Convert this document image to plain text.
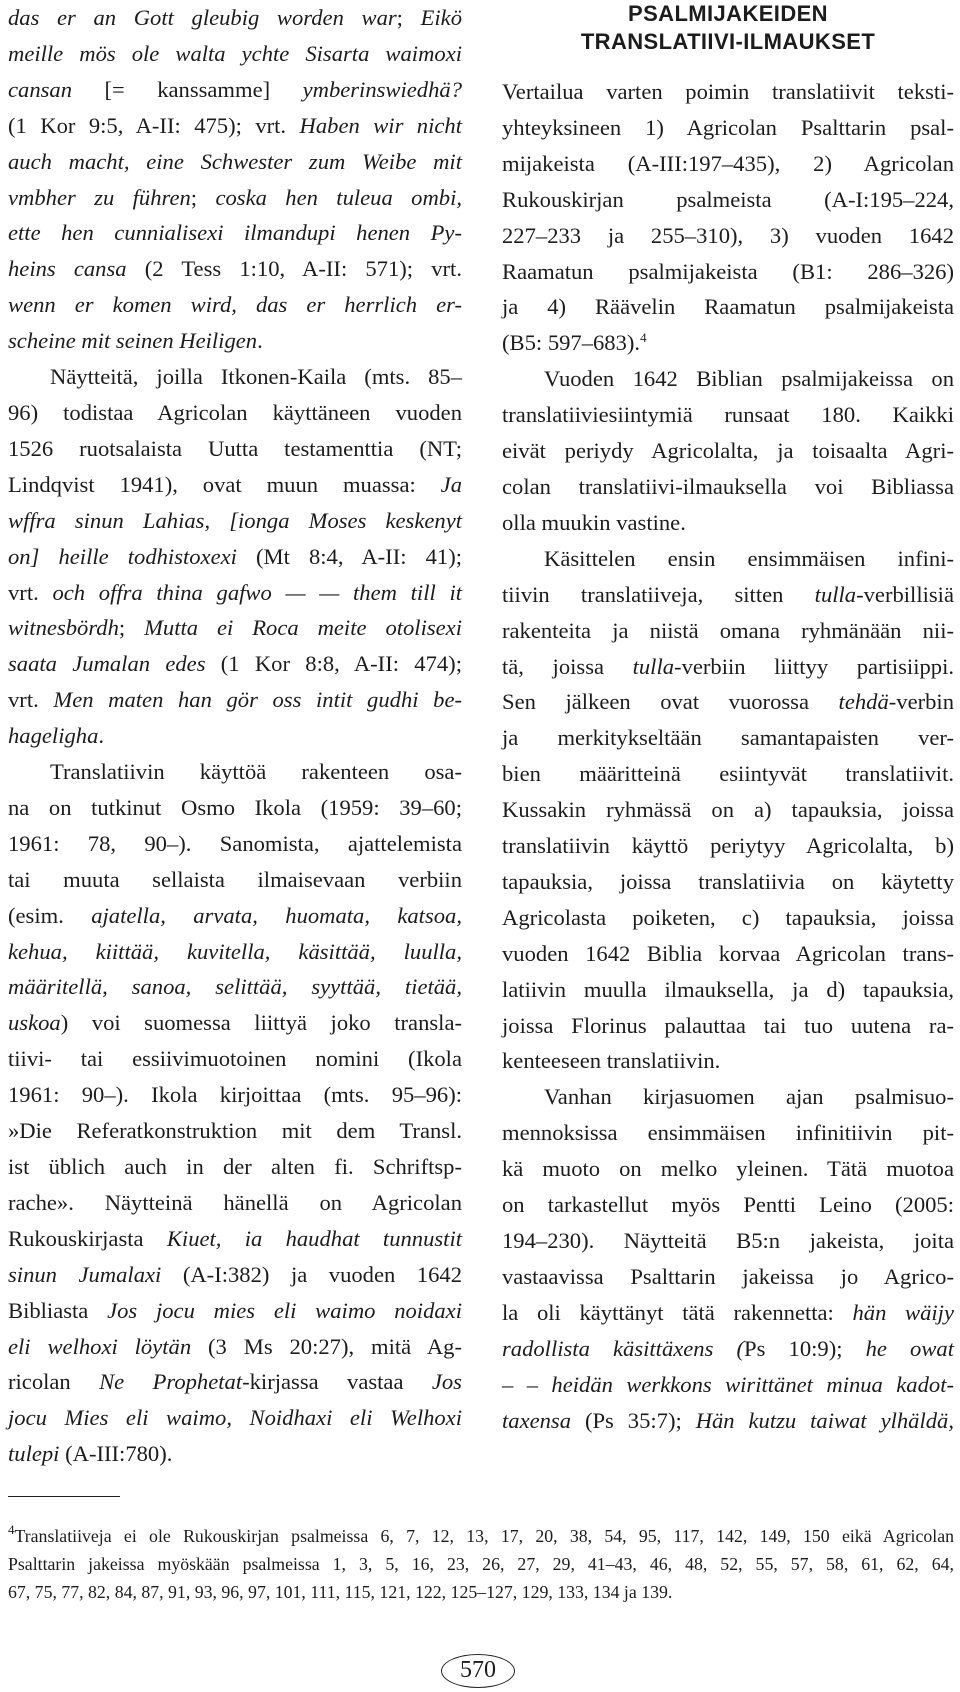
das er an Gott gleubig worden war; Eikö
meille mös ole walta ychte Sisarta waimoxi
cansan [= kanssamme] ymberinswiedhä?
(1 Kor 9:5, A-II: 475); vrt. Haben wir nicht
auch macht, eine Schwester zum Weibe mit
vmbher zu führen; coska hen tuleua ombi,
ette hen cunnialisexi ilmandupi henen Py-
heins cansa (2 Tess 1:10, A-II: 571); vrt.
wenn er komen wird, das er herrlich er-
scheine mit seinen Heiligen.
Näytteitä, joilla Itkonen-Kaila (mts. 85–
96) todistaa Agricolan käyttäneen vuoden
1526 ruotsalaista Uutta testamenttia (NT;
Lindqvist 1941), ovat muun muassa: Ja
wffra sinun Lahias, [ionga Moses keskenyt
on] heille todhistoxexi (Mt 8:4, A-II: 41);
vrt. och offra thina gafwo — — them till it
witnesbördh; Mutta ei Roca meite otolisexi
saata Jumalan edes (1 Kor 8:8, A-II: 474);
vrt. Men maten han gör oss intit gudhi be-
hageligha.
Translatiivin käyttöä rakenteen osa-
na on tutkinut Osmo Ikola (1959: 39–60;
1961: 78, 90–). Sanomista, ajattelemista
tai muuta sellaista ilmaisevaan verbiin
(esim. ajatella, arvata, huomata, katsoa,
kehua, kiittää, kuvitella, käsittää, luulla,
määritellä, sanoa, selittää, syyttää, tietää,
uskoa) voi suomessa liittyä joko transla-
tiivi- tai essiivimuotoinen nomini (Ikola
1961: 90–). Ikola kirjoittaa (mts. 95–96):
»Die Referatkonstruktion mit dem Transl.
ist üblich auch in der alten fi. Schriftsp-
rache». Näytteinä hänellä on Agricolan
Rukouskirjasta Kiuet, ia haudhat tunnustit
sinun Jumalaxi (A-I:382) ja vuoden 1642
Bibliasta Jos jocu mies eli waimo noidaxi
eli welhoxi löytän (3 Ms 20:27), mitä Ag-
ricolan Ne Prophetat-kirjassa vastaa Jos
jocu Mies eli waimo, Noidhaxi eli Welhoxi
tulepi (A-III:780).
PSALMIJAKEIDEN
TRANSLATIIVI-ILMAUKSET
Vertailua varten poimin translatiivit teksti-
yhteyksineen 1) Agricolan Psalttarin psal-
mijakeista (A-III:197–435), 2) Agricolan
Rukouskirjan psalmeista (A-I:195–224,
227–233 ja 255–310), 3) vuoden 1642
Raamatun psalmijakeista (B1: 286–326)
ja 4) Räävelin Raamatun psalmijakeista
(B5: 597–683).$^4$
Vuoden 1642 Biblian psalmijakeissa on
translatiiviesiintymiä runsaat 180. Kaikki
eivät periydy Agricolalta, ja toisaalta Agri-
colan translatiivi-ilmauksella voi Bibliassa
olla muukin vastine.
Käsittelen ensin ensimmäisen infini-
tiivin translatiiveja, sitten tulla-verbillisiä
rakenteita ja niistä omana ryhmänään nii-
tä, joissa tulla-verbiin liittyy partisiippi.
Sen jälkeen ovat vuorossa tehdä-verbin
ja merkitykseltään samantapaisten ver-
bien määritteinä esiintyvät translatiivit.
Kussakin ryhmässä on a) tapauksia, joissa
translatiivin käyttö periytyy Agricolalta, b)
tapauksia, joissa translatiivia on käytetty
Agricolasta poiketen, c) tapauksia, joissa
vuoden 1642 Biblia korvaa Agricolan trans-
latiivin muulla ilmauksella, ja d) tapauksia,
joissa Florinus palauttaa tai tuo uutena ra-
kenteeseen translatiivin.
Vanhan kirjasuomen ajan psalmisuo-
mennoksissa ensimmäisen infinitiivin pit-
kä muoto on melko yleinen. Tätä muotoa
on tarkastellut myös Pentti Leino (2005:
194–230). Näytteitä B5:n jakeista, joita
vastaavissa Psalttarin jakeissa jo Agrico-
la oli käyttänyt tätä rakennetta: hän wäijy
radollista käsittäxens (Ps 10:9); he owat
– – heidän werkkons wirittänet minua kadot-
taxensa (Ps 35:7); Hän kutzu taiwat ylhäldä,
$^4$Translatiiveja ei ole Rukouskirjan psalmeissa 6, 7, 12, 13, 17, 20, 38, 54, 95, 117, 142, 149, 150 eikä Agricolan
Psalttarin jakeissa myöskään psalmeissa 1, 3, 5, 16, 23, 26, 27, 29, 41–43, 46, 48, 52, 55, 57, 58, 61, 62, 64,
67, 75, 77, 82, 84, 87, 91, 93, 96, 97, 101, 111, 115, 121, 122, 125–127, 129, 133, 134 ja 139.
570
